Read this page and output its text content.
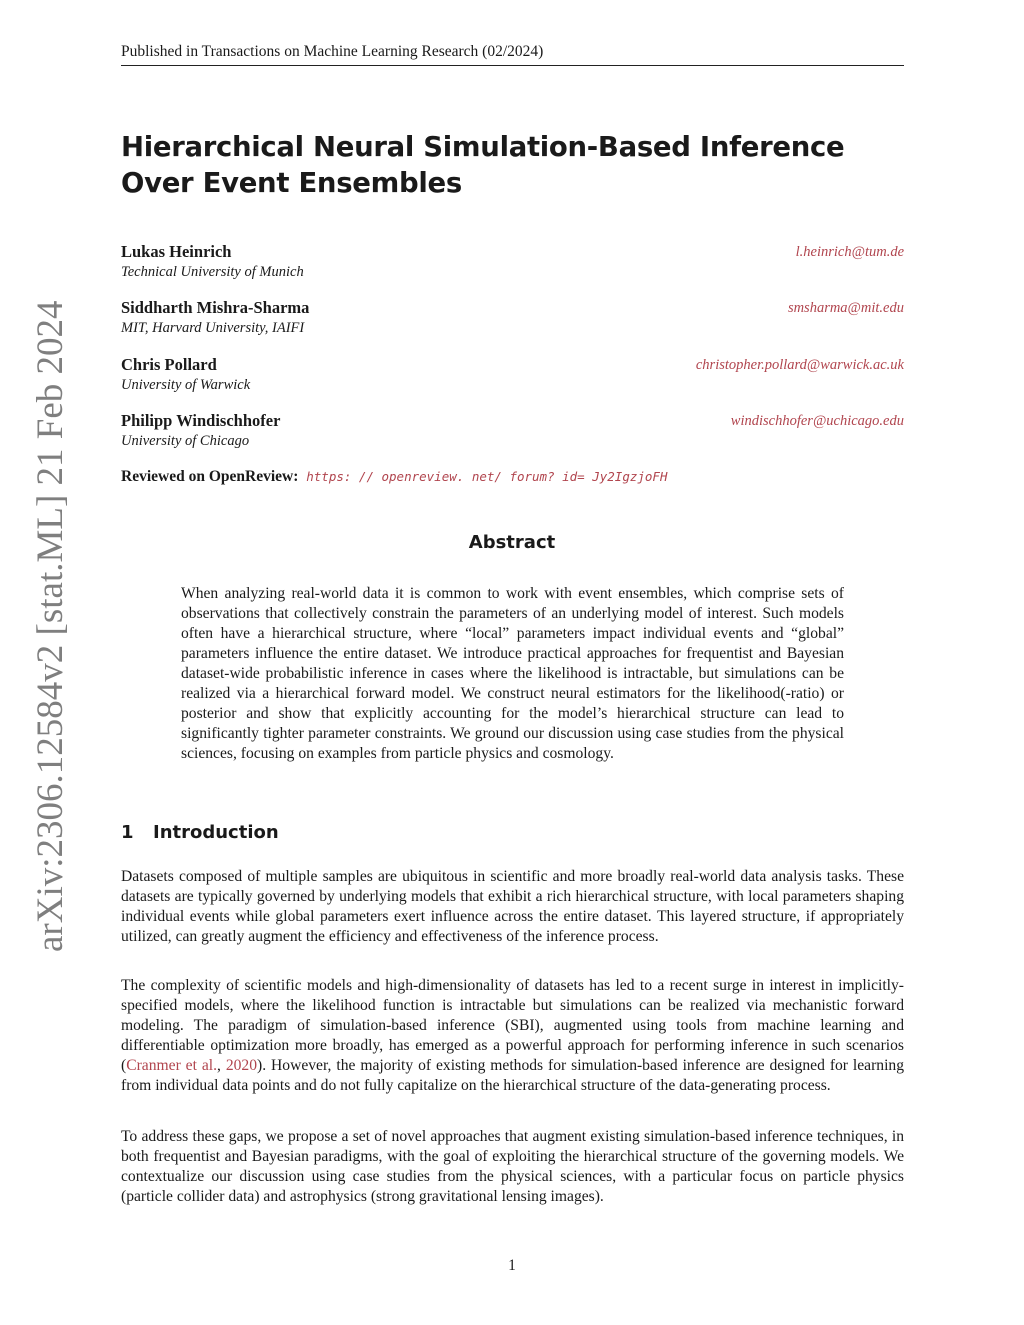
Published in Transactions on Machine Learning Research (02/2024)
Hierarchical Neural Simulation-Based Inference Over Event Ensembles
Lukas Heinrich
Technical University of Munich
l.heinrich@tum.de
Siddharth Mishra-Sharma
MIT, Harvard University, IAIFI
smsharma@mit.edu
Chris Pollard
University of Warwick
christopher.pollard@warwick.ac.uk
Philipp Windischhofer
University of Chicago
windischhofer@uchicago.edu
Reviewed on OpenReview: https: // openreview. net/ forum? id= Jy2IgzjoFH
Abstract

When analyzing real-world data it is common to work with event ensembles, which comprise sets of observations that collectively constrain the parameters of an underlying model of interest. Such models often have a hierarchical structure, where “local” parameters impact individual events and “global” parameters influence the entire dataset. We introduce practical approaches for frequentist and Bayesian dataset-wide probabilistic inference in cases where the likelihood is intractable, but simulations can be realized via a hierarchical forward model. We construct neural estimators for the likelihood(-ratio) or posterior and show that explicitly accounting for the model’s hierarchical structure can lead to significantly tighter parameter constraints. We ground our discussion using case studies from the physical sciences, focusing on examples from particle physics and cosmology.

1 Introduction

Datasets composed of multiple samples are ubiquitous in scientific and more broadly real-world data analysis tasks. These datasets are typically governed by underlying models that exhibit a rich hierarchical structure, with local parameters shaping individual events while global parameters exert influence across the entire dataset. This layered structure, if appropriately utilized, can greatly augment the efficiency and effectiveness of the inference process.

The complexity of scientific models and high-dimensionality of datasets has led to a recent surge in interest in implicitly-specified models, where the likelihood function is intractable but simulations can be realized via mechanistic forward modeling. The paradigm of simulation-based inference (SBI), augmented using tools from machine learning and differentiable optimization more broadly, has emerged as a powerful approach for performing inference in such scenarios (Cranmer et al., 2020). However, the majority of existing methods for simulation-based inference are designed for learning from individual data points and do not fully capitalize on the hierarchical structure of the data-generating process.

To address these gaps, we propose a set of novel approaches that augment existing simulation-based inference techniques, in both frequentist and Bayesian paradigms, with the goal of exploiting the hierarchical structure of the governing models. We contextualize our discussion using case studies from the physical sciences, with a particular focus on particle physics (particle collider data) and astrophysics (strong gravitational lensing images).

arXiv:2306.12584v2 [stat.ML] 21 Feb 2024
1
